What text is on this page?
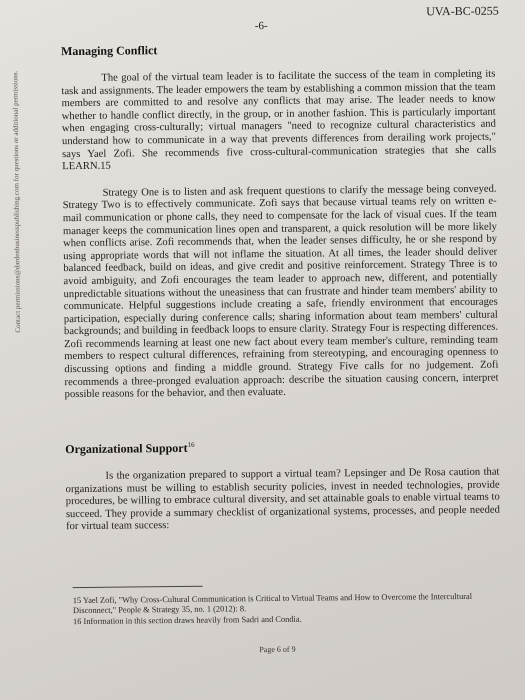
UVA-BC-0255
-6-
Contact permissions@dardenbusinesspublishing.com for questions or additional permissions.
Managing Conflict

The goal of the virtual team leader is to facilitate the success of the team in completing its task and assignments. The leader empowers the team by establishing a common mission that the team members are committed to and resolve any conflicts that may arise. The leader needs to know whether to handle conflict directly, in the group, or in another fashion. This is particularly important when engaging cross-culturally; virtual managers "need to recognize cultural characteristics and understand how to communicate in a way that prevents differences from derailing work projects," says Yael Zofi. She recommends five cross-cultural-communication strategies that she calls LEARN.15

Strategy One is to listen and ask frequent questions to clarify the message being conveyed. Strategy Two is to effectively communicate. Zofi says that because virtual teams rely on written e-mail communication or phone calls, they need to compensate for the lack of visual cues. If the team manager keeps the communication lines open and transparent, a quick resolution will be more likely when conflicts arise. Zofi recommends that, when the leader senses difficulty, he or she respond by using appropriate words that will not inflame the situation. At all times, the leader should deliver balanced feedback, build on ideas, and give credit and positive reinforcement. Strategy Three is to avoid ambiguity, and Zofi encourages the team leader to approach new, different, and potentially unpredictable situations without the uneasiness that can frustrate and hinder team members' ability to communicate. Helpful suggestions include creating a safe, friendly environment that encourages participation, especially during conference calls; sharing information about team members' cultural backgrounds; and building in feedback loops to ensure clarity. Strategy Four is respecting differences. Zofi recommends learning at least one new fact about every team member's culture, reminding team members to respect cultural differences, refraining from stereotyping, and encouraging openness to discussing options and finding a middle ground. Strategy Five calls for no judgement. Zofi recommends a three-pronged evaluation approach: describe the situation causing concern, interpret possible reasons for the behavior, and then evaluate.

Organizational Support$^{16}$

Is the organization prepared to support a virtual team? Lepsinger and De Rosa caution that organizations must be willing to establish security policies, invest in needed technologies, provide procedures, be willing to embrace cultural diversity, and set attainable goals to enable virtual teams to succeed. They provide a summary checklist of organizational systems, processes, and people needed for virtual team success:

15 Yael Zofi, "Why Cross-Cultural Communication is Critical to Virtual Teams and How to Overcome the Intercultural Disconnect," People & Strategy 35, no. 1 (2012): 8.
16 Information in this section draws heavily from Sadri and Condia.
Page 6 of 9
